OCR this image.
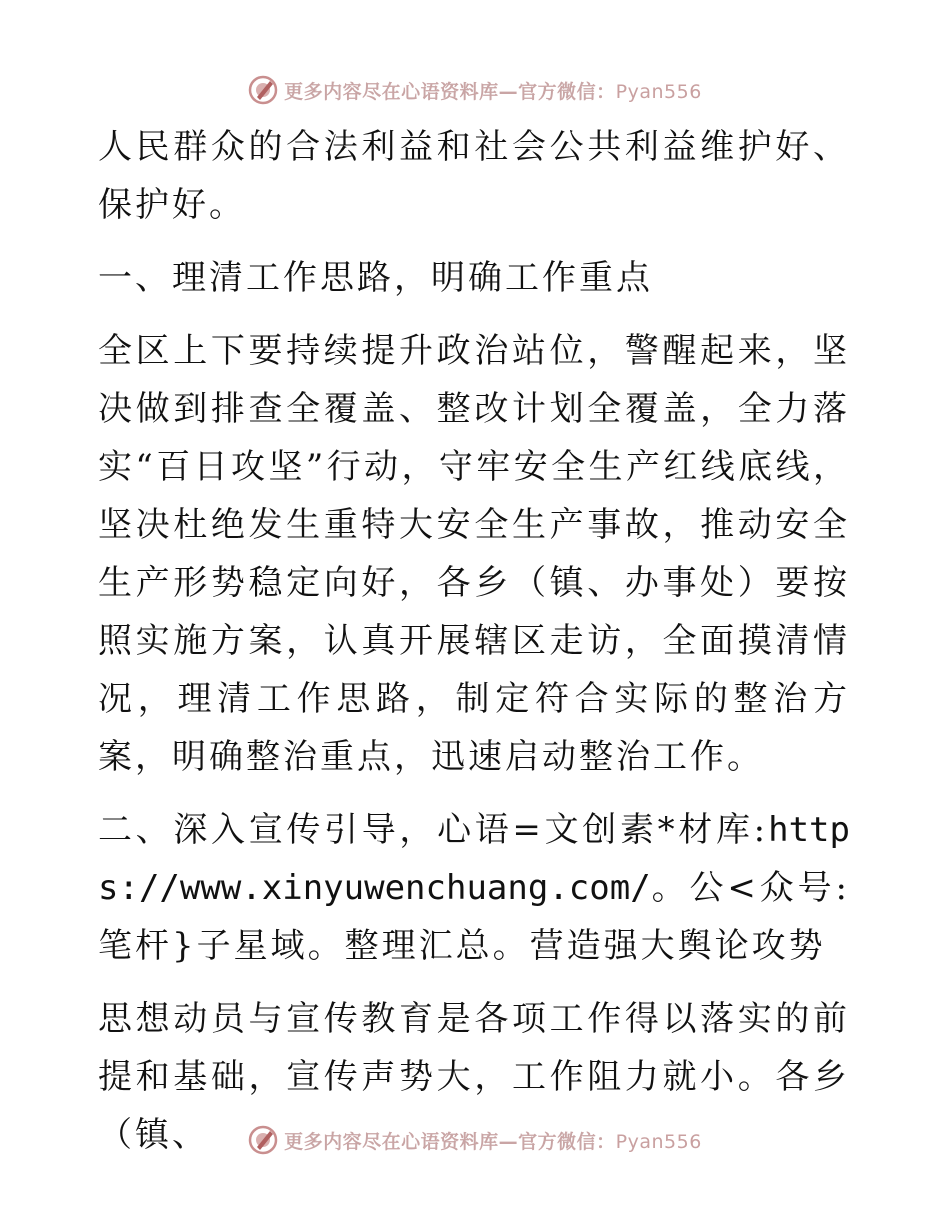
更多内容尽在心语资料库—官方微信：Pyan556

人民群众的合法利益和社会公共利益维护好、保护好。

一、理清工作思路，明确工作重点

全区上下要持续提升政治站位，警醒起来，坚决做到排查全覆盖、整改计划全覆盖，全力落实“百日攻坚”行动，守牢安全生产红线底线，坚决杜绝发生重特大安全生产事故，推动安全生产形势稳定向好，各乡（镇、办事处）要按照实施方案，认真开展辖区走访，全面摸清情况，理清工作思路，制定符合实际的整治方案，明确整治重点，迅速启动整治工作。

二、深入宣传引导，心语=文创素*材库:https://www.xinyuwenchuang.com/。公<众号: 笔杆}子星域。整理汇总。营造强大舆论攻势

思想动员与宣传教育是各项工作得以落实的前提和基础，宣传声势大，工作阻力就小。各乡（镇、	更多内容尽在心语资料库—官方微信：Pyan556
